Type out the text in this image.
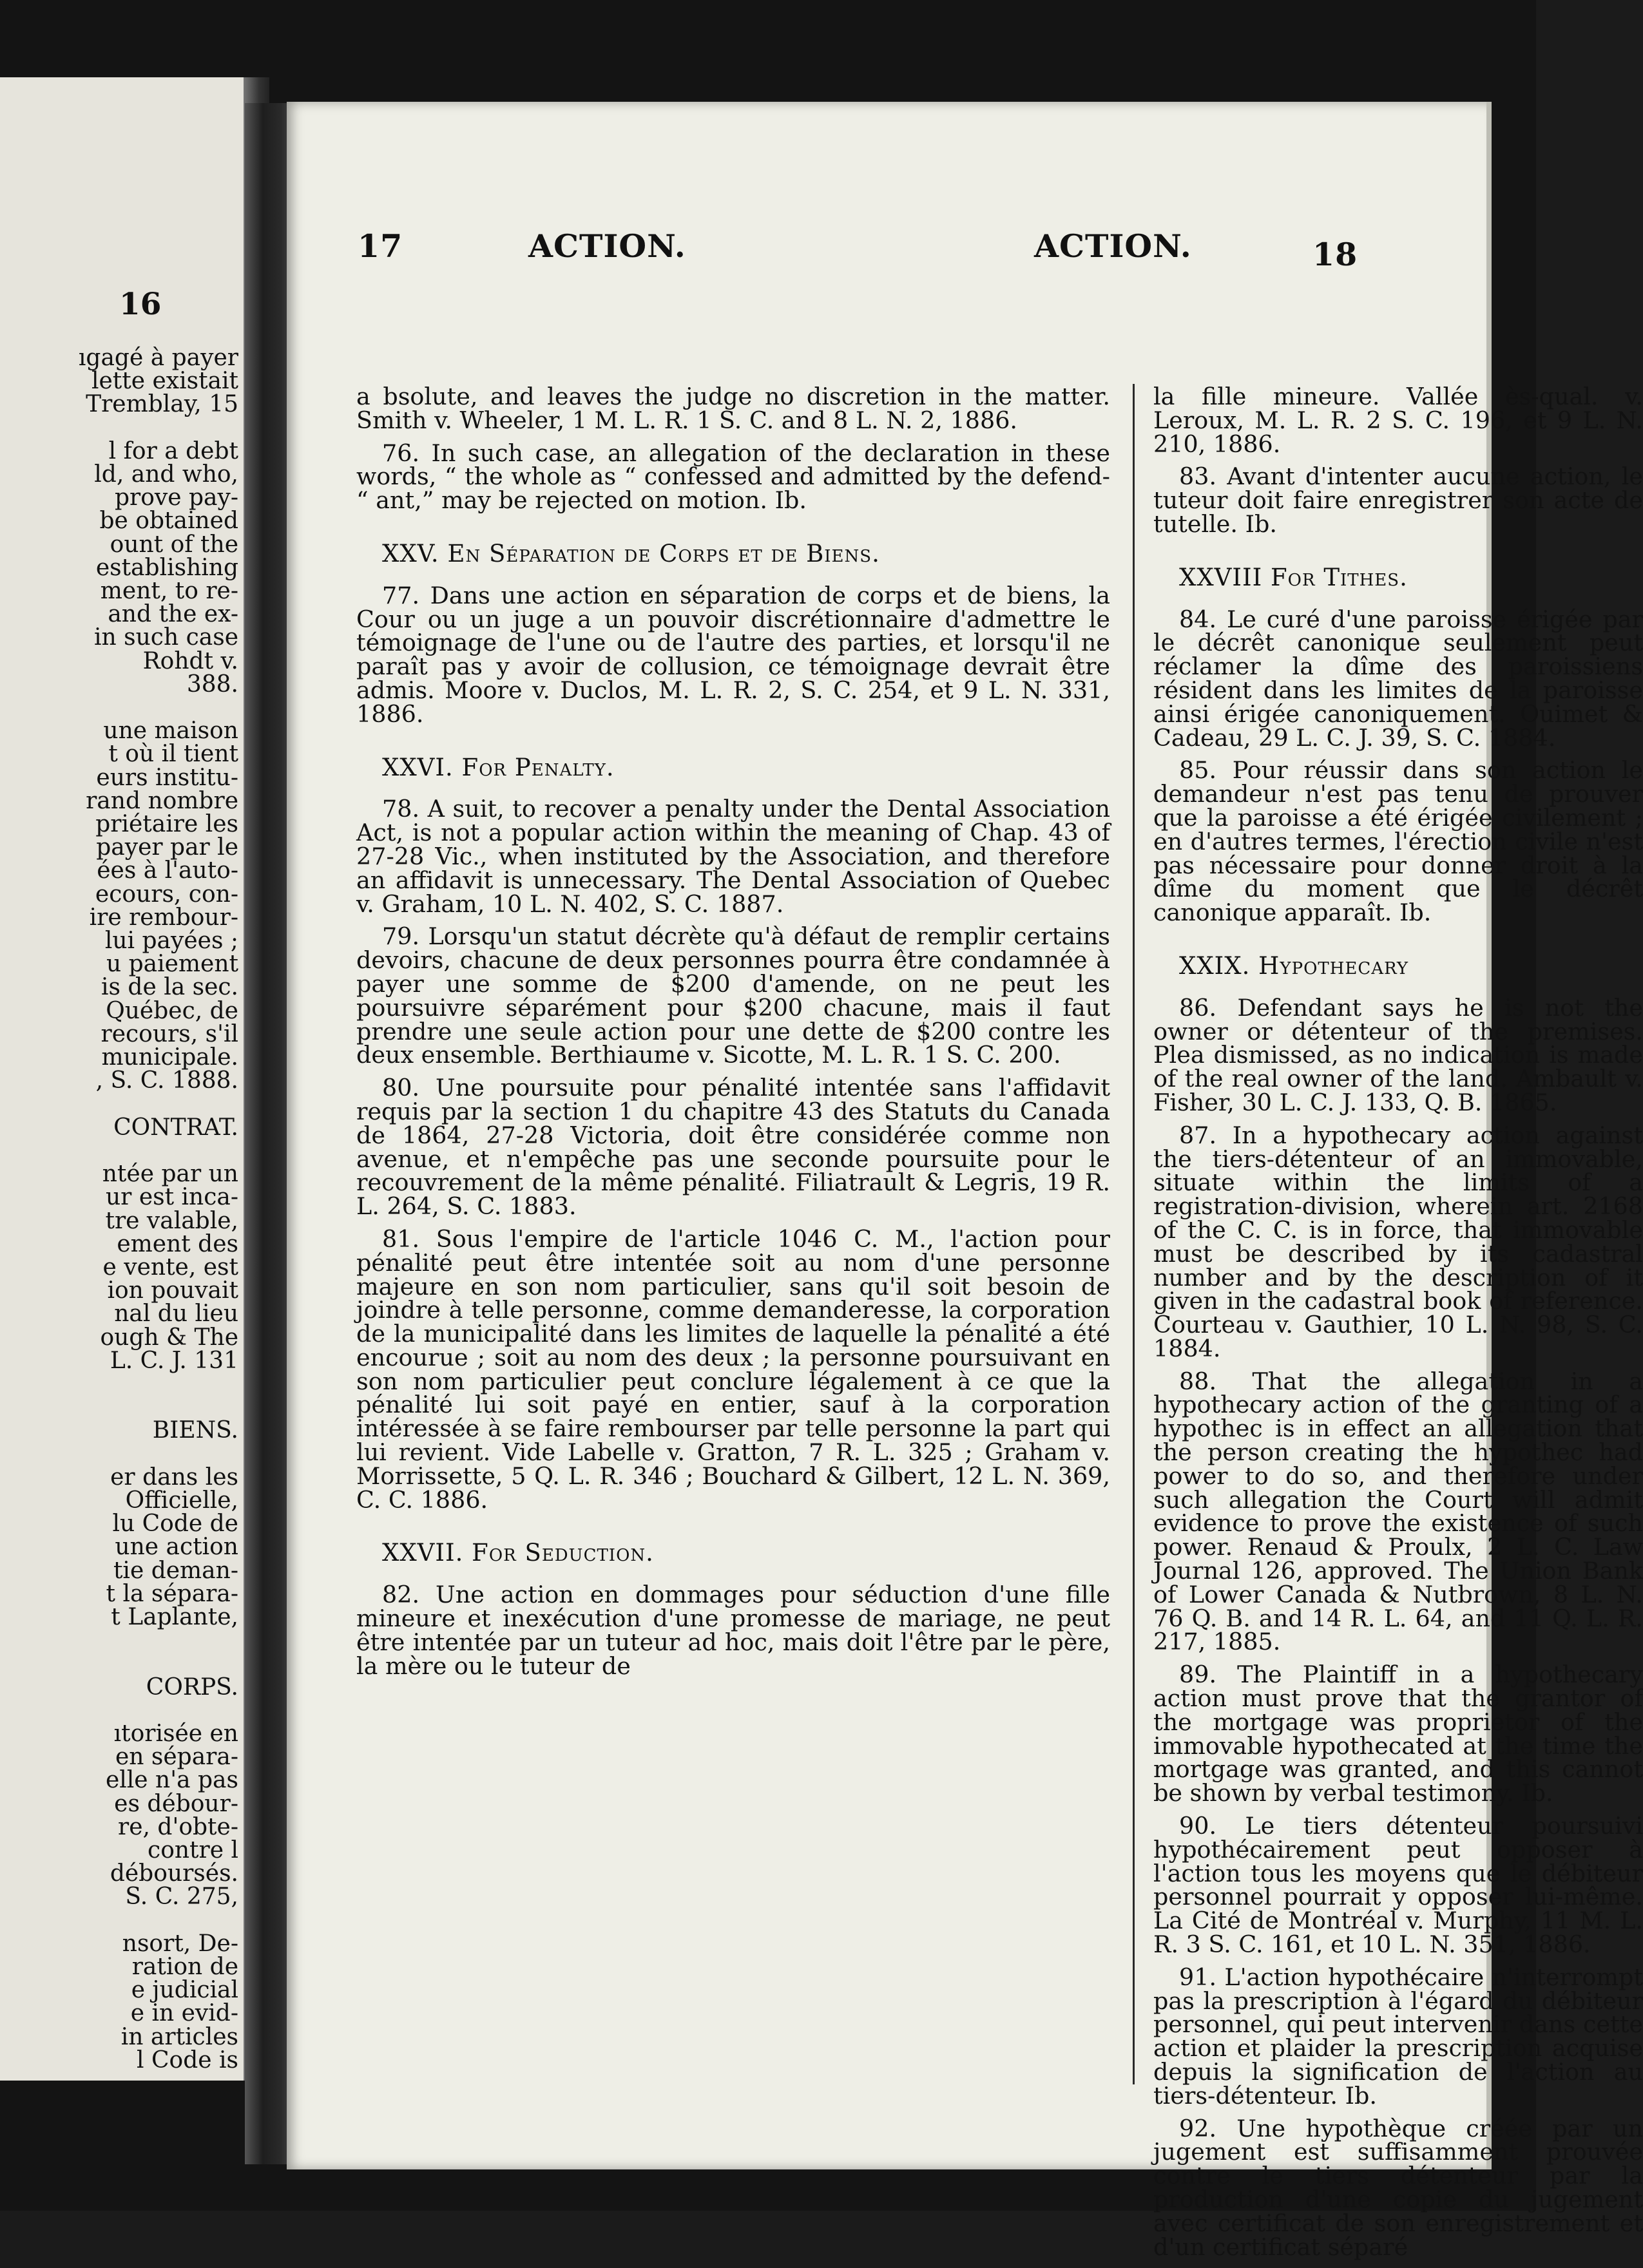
16
ıgagé à payer
lette existait
Tremblay, 15

l for a debt
ld, and who,
prove pay-
be obtained
ount of the
establishing
ment, to re-
and the ex-
in such case
Rohdt v.
388.

une maison
t où il tient
eurs institu-
rand nombre
priétaire les
payer par le
ées à l'auto-
ecours, con-
ire rembour-
lui payées ;
u paiement
is de la sec.
Québec, de
recours, s'il
municipale.
, S. C. 1888.

CONTRAT.

ntée par un
ur est inca-
tre valable,
ement des
e vente, est
ion pouvait
nal du lieu
ough & The
L. C. J. 131

BIENS.

er dans les
Officielle,
lu Code de
une action
tie deman-
t la sépara-
t Laplante,

CORPS.

ıtorisée en
en sépara-
elle n'a pas
es débour-
re, d'obte-
contre l
déboursés.
S. C. 275,

nsort, De-
ration de
e judicial
e in evid-
in articles
l Code is
17	ACTION.	ACTION.	18

a bsolute, and leaves the judge no discretion in the matter. Smith v. Wheeler, 1 M. L. R. 1 S. C. and 8 L. N. 2, 1886.

76. In such case, an allegation of the declaration in these words, “ the whole as “ confessed and admitted by the defend- “ ant,” may be rejected on motion. Ib.

XXV. En Séparation de Corps et de Biens.

77. Dans une action en séparation de corps et de biens, la Cour ou un juge a un pouvoir discrétionnaire d'admettre le témoignage de l'une ou de l'autre des parties, et lorsqu'il ne paraît pas y avoir de collusion, ce témoignage devrait être admis. Moore v. Duclos, M. L. R. 2, S. C. 254, et 9 L. N. 331, 1886.

XXVI. For Penalty.

78. A suit, to recover a penalty under the Dental Association Act, is not a popular action within the meaning of Chap. 43 of 27-28 Vic., when instituted by the Association, and therefore an affidavit is unnecessary. The Dental Association of Quebec v. Graham, 10 L. N. 402, S. C. 1887.

79. Lorsqu'un statut décrète qu'à défaut de remplir certains devoirs, chacune de deux personnes pourra être condamnée à payer une somme de $200 d'amende, on ne peut les poursuivre séparément pour $200 chacune, mais il faut prendre une seule action pour une dette de $200 contre les deux ensemble. Berthiaume v. Sicotte, M. L. R. 1 S. C. 200.

80. Une poursuite pour pénalité intentée sans l'affidavit requis par la section 1 du chapitre 43 des Statuts du Canada de 1864, 27-28 Victoria, doit être considérée comme non avenue, et n'empêche pas une seconde poursuite pour le recouvrement de la même pénalité. Filiatrault & Legris, 19 R. L. 264, S. C. 1883.

81. Sous l'empire de l'article 1046 C. M., l'action pour pénalité peut être intentée soit au nom d'une personne majeure en son nom particulier, sans qu'il soit besoin de joindre à telle personne, comme demanderesse, la corporation de la municipalité dans les limites de laquelle la pénalité a été encourue ; soit au nom des deux ; la personne poursuivant en son nom particulier peut conclure légalement à ce que la pénalité lui soit payé en entier, sauf à la corporation intéressée à se faire rembourser par telle personne la part qui lui revient. Vide Labelle v. Gratton, 7 R. L. 325 ; Graham v. Morrissette, 5 Q. L. R. 346 ; Bouchard & Gilbert, 12 L. N. 369, C. C. 1886.

XXVII. For Seduction.

82. Une action en dommages pour séduction d'une fille mineure et inexécution d'une promesse de mariage, ne peut être intentée par un tuteur ad hoc, mais doit l'être par le père, la mère ou le tuteur de

la fille mineure. Vallée ès-qual. v. Leroux, M. L. R. 2 S. C. 196, et 9 L. N. 210, 1886.

83. Avant d'intenter aucune action, le tuteur doit faire enregistrer son acte de tutelle. Ib.

XXVIII For Tithes.

84. Le curé d'une paroisse érigée par le décrêt canonique seulement peut réclamer la dîme des paroissiens résident dans les limites de la paroisse ainsi érigée canoniquement. Ouimet & Cadeau, 29 L. C. J. 39, S. C. 1884.

85. Pour réussir dans son action le demandeur n'est pas tenu de prouver que la paroisse a été érigée civilement ; en d'autres termes, l'érection civile n'est pas nécessaire pour donner droit à la dîme du moment que le décrêt canonique apparaît. Ib.

XXIX. Hypothecary

86. Defendant says he is not the owner or détenteur of the premises. Plea dismissed, as no indication is made of the real owner of the land. Ambault v. Fisher, 30 L. C. J. 133, Q. B. 1865.

87. In a hypothecary action against the tiers-détenteur of an immovable, situate within the limits of a registration-division, wherein art. 2168 of the C. C. is in force, that immovable must be described by its cadastral number and by the description of it given in the cadastral book of reference. Courteau v. Gauthier, 10 L. N. 98, S. C. 1884.

88. That the allegation in a hypothecary action of the granting of a hypothec is in effect an allegation that the person creating the hypothec had power to do so, and therefore under such allegation the Court will admit evidence to prove the existence of such power. Renaud & Proulx, 2 L. C. Law Journal 126, approved. The Union Bank of Lower Canada & Nutbrown, 8 L. N. 76 Q. B. and 14 R. L. 64, and 11 Q. L. R. 217, 1885.

89. The Plaintiff in a hypothecary action must prove that the grantor of the mortgage was proprietor of the immovable hypothecated at the time the mortgage was granted, and this cannot be shown by verbal testimony. Ib.

90. Le tiers détenteur poursuivi hypothécairement peut opposer à l'action tous les moyens que le débiteur personnel pourrait y opposer lui-même. La Cité de Montréal v. Murphy, 11 M. L. R. 3 S. C. 161, et 10 L. N. 351, 1886.

91. L'action hypothécaire n'interrompt pas la prescription à l'égard du débiteur personnel, qui peut intervenir dans cette action et plaider la prescription acquise depuis la signification de l'action au tiers-détenteur. Ib.

92. Une hypothèque créée par un jugement est suffisamment prouvée contre le tiers détenteur par la production d'une copie du jugement avec certificat de son enregistrement et d'un certificat séparé
